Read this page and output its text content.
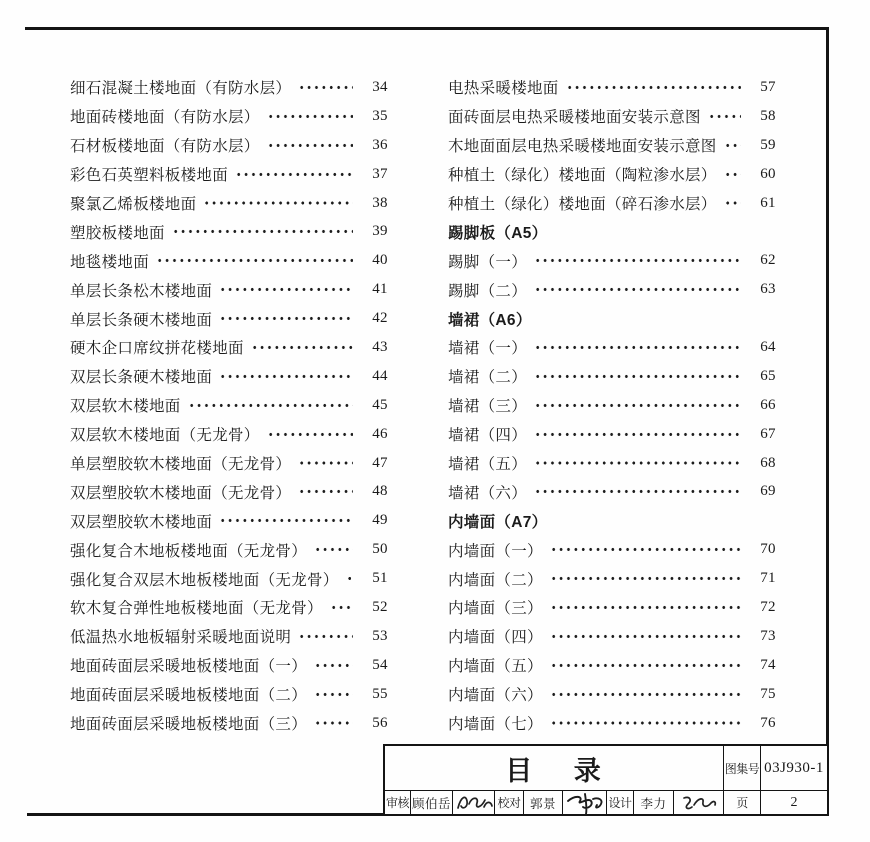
细石混凝土楼地面（有防水层）	34
地面砖楼地面（有防水层）	35
石材板楼地面（有防水层）	36
彩色石英塑料板楼地面	37
聚氯乙烯板楼地面	38
塑胶板楼地面	39
地毯楼地面	40
单层长条松木楼地面	41
单层长条硬木楼地面	42
硬木企口席纹拼花楼地面	43
双层长条硬木楼地面	44
双层软木楼地面	45
双层软木楼地面（无龙骨）	46
单层塑胶软木楼地面（无龙骨）	47
双层塑胶软木楼地面（无龙骨）	48
双层塑胶软木楼地面	49
强化复合木地板楼地面（无龙骨）	50
强化复合双层木地板楼地面（无龙骨）	51
软木复合弹性地板楼地面（无龙骨）	52
低温热水地板辐射采暖地面说明	53
地面砖面层采暖地板楼地面（一）	54
地面砖面层采暖地板楼地面（二）	55
地面砖面层采暖地板楼地面（三）	56
电热采暖楼地面	57
面砖面层电热采暖楼地面安装示意图	58
木地面面层电热采暖楼地面安装示意图	59
种植土（绿化）楼地面（陶粒渗水层）	60
种植土（绿化）楼地面（碎石渗水层）	61
踢脚板（A5）
踢脚（一）	62
踢脚（二）	63
墙裙（A6）
墙裙（一）	64
墙裙（二）	65
墙裙（三）	66
墙裙（四）	67
墙裙（五）	68
墙裙（六）	69
内墙面（A7）
内墙面（一）	70
内墙面（二）	71
内墙面（三）	72
内墙面（四）	73
内墙面（五）	74
内墙面（六）	75
内墙面（七）	76
目 录	图集号 03J930-1
审核 顾伯岳	校对 郭景	设计 李力	页	2
